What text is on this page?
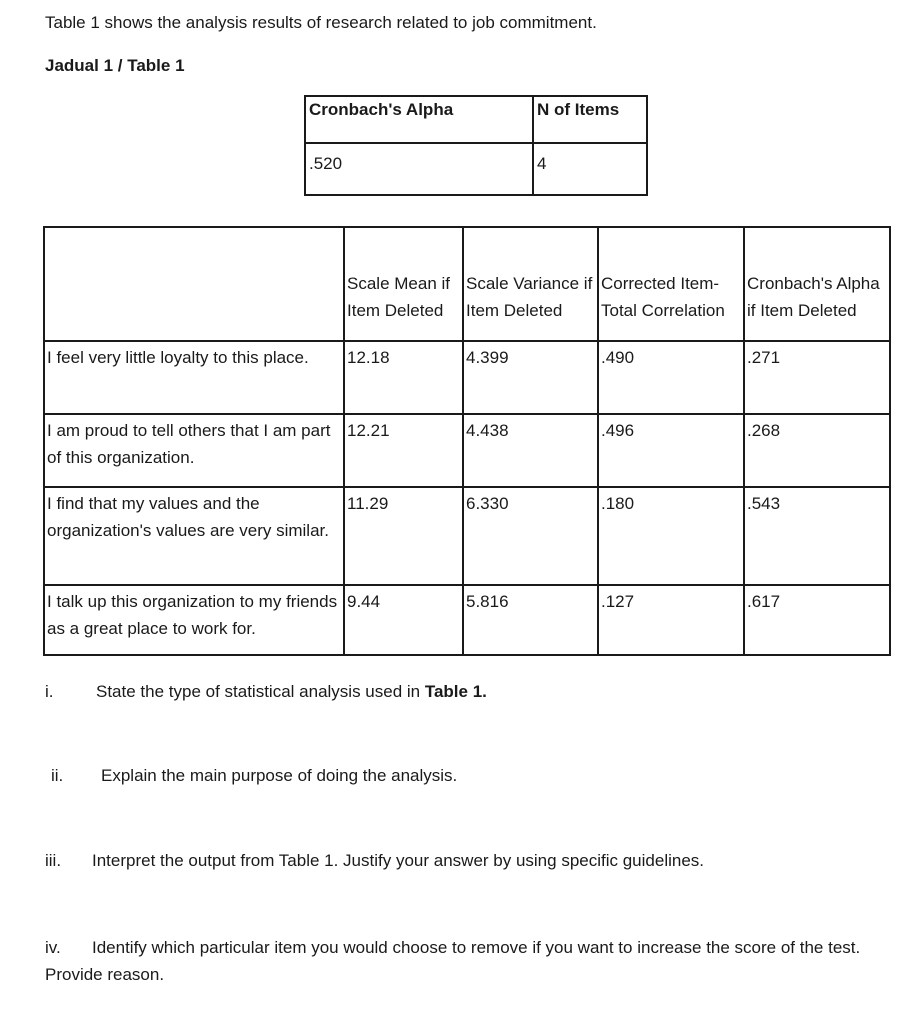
Table 1 shows the analysis results of research related to job commitment.
Jadual 1 / Table 1
Cronbach's Alpha	N of Items
.520	4
	Scale Mean if Item Deleted	Scale Variance if Item Deleted	Corrected Item-Total Correlation	Cronbach's Alpha if Item Deleted
I feel very little loyalty to this place.	12.18	4.399	.490	.271
I am proud to tell others that I am part of this organization.	12.21	4.438	.496	.268
I find that my values and the organization's values are very similar.	11.29	6.330	.180	.543
I talk up this organization to my friends as a great place to work for.	9.44	5.816	.127	.617
i.	State the type of statistical analysis used in Table 1.
ii. Explain the main purpose of doing the analysis.
iii. Interpret the output from Table 1. Justify your answer by using specific guidelines.
iv. Identify which particular item you would choose to remove if you want to increase the score of the test. Provide reason.
